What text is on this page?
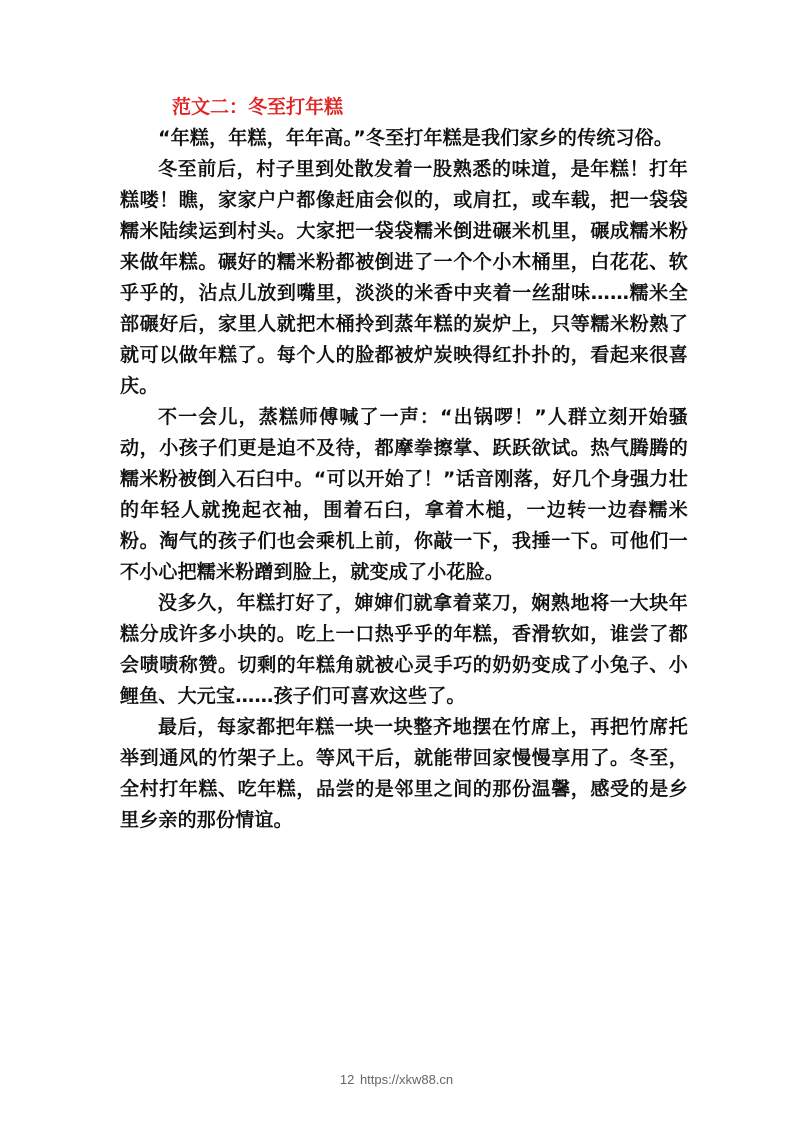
范文二：冬至打年糕

“年糕，年糕，年年高。”冬至打年糕是我们家乡的传统习俗。

冬至前后，村子里到处散发着一股熟悉的味道，是年糕！打年糕喽！瞧，家家户户都像赶庙会似的，或肩扛，或车载，把一袋袋糯米陆续运到村头。大家把一袋袋糯米倒进碾米机里，碾成糯米粉来做年糕。碾好的糯米粉都被倒进了一个个小木桶里，白花花、软乎乎的，沾点儿放到嘴里，淡淡的米香中夹着一丝甜味……糯米全部碾好后，家里人就把木桶拎到蒸年糕的炭炉上，只等糯米粉熟了就可以做年糕了。每个人的脸都被炉炭映得红扑扑的，看起来很喜庆。

不一会儿，蒸糕师傅喊了一声：“出锅啰！”人群立刻开始骚动，小孩子们更是迫不及待，都摩拳擦掌、跃跃欲试。热气腾腾的糯米粉被倒入石臼中。“可以开始了！”话音刚落，好几个身强力壮的年轻人就挽起衣袖，围着石臼，拿着木槌，一边转一边舂糯米粉。淘气的孩子们也会乘机上前，你敲一下，我捶一下。可他们一不小心把糯米粉蹭到脸上，就变成了小花脸。

没多久，年糕打好了，婶婶们就拿着菜刀，娴熟地将一大块年糕分成许多小块的。吃上一口热乎乎的年糕，香滑软如，谁尝了都会啧啧称赞。切剩的年糕角就被心灵手巧的奶奶变成了小兔子、小鲤鱼、大元宝……孩子们可喜欢这些了。

最后，每家都把年糕一块一块整齐地摆在竹席上，再把竹席托举到通风的竹架子上。等风干后，就能带回家慢慢享用了。冬至，全村打年糕、吃年糕，品尝的是邻里之间的那份温馨，感受的是乡里乡亲的那份情谊。

12 https://xkw88.cn
